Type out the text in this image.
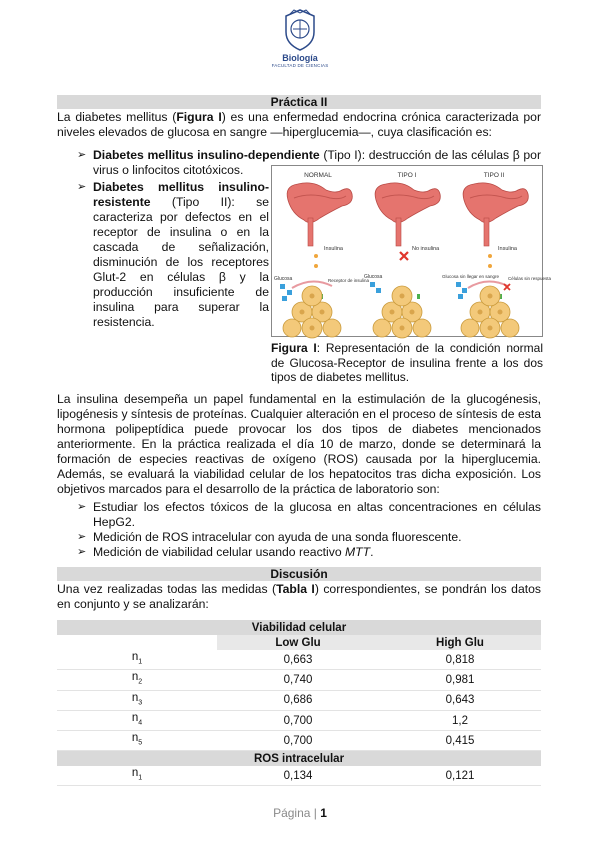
Biología
FACULTAD DE CIENCIAS
Práctica II

La diabetes mellitus (Figura I) es una enfermedad endocrina crónica caracterizada por niveles elevados de glucosa en sangre —hiperglucemia—, cuya clasificación es:

➢ Diabetes mellitus insulino-dependiente (Tipo I): destrucción de las células β por virus o linfocitos citotóxicos.
➢ Diabetes mellitus insulino-resistente (Tipo II): se caracteriza por defectos en el receptor de insulina o en la cascada de señalización, disminución de los receptores Glut-2 en células β y la producción insuficiente de insulina para superar la resistencia.
NORMAL	TIPO I	TIPO II
Insulina	No insulina	Insulina
Glucosa	Receptor de insulina
Glucosa	Glucosa sin llegar en sangre Células sin respuesta

Figura I: Representación de la condición normal de Glucosa-Receptor de insulina frente a los dos tipos de diabetes mellitus.

La insulina desempeña un papel fundamental en la estimulación de la glucogénesis, lipogénesis y síntesis de proteínas. Cualquier alteración en el proceso de síntesis de esta hormona polipeptídica puede provocar los dos tipos de diabetes mencionados anteriormente. En la práctica realizada el día 10 de marzo, donde se determinará la formación de especies reactivas de oxígeno (ROS) causada por la hiperglucemia. Además, se evaluará la viabilidad celular de los hepatocitos tras dicha exposición. Los objetivos marcados para el desarrollo de la práctica de laboratorio son:

➢ Estudiar los efectos tóxicos de la glucosa en altas concentraciones en células HepG2.
➢ Medición de ROS intracelular con ayuda de una sonda fluorescente.
➢ Medición de viabilidad celular usando reactivo MTT.
Discusión

Una vez realizadas todas las medidas (Tabla I) correspondientes, se pondrán los datos en conjunto y se analizarán:

Viabilidad celular		
	Low Glu	High Glu
$n_1$	0,663	0,818
$n_2$	0,740	0,981
$n_3$	0,686	0,643
$n_4$	0,700	1,2
$n_5$	0,700	0,415
ROS intracelular		
$n_1$	0,134	0,121
Página | 1
